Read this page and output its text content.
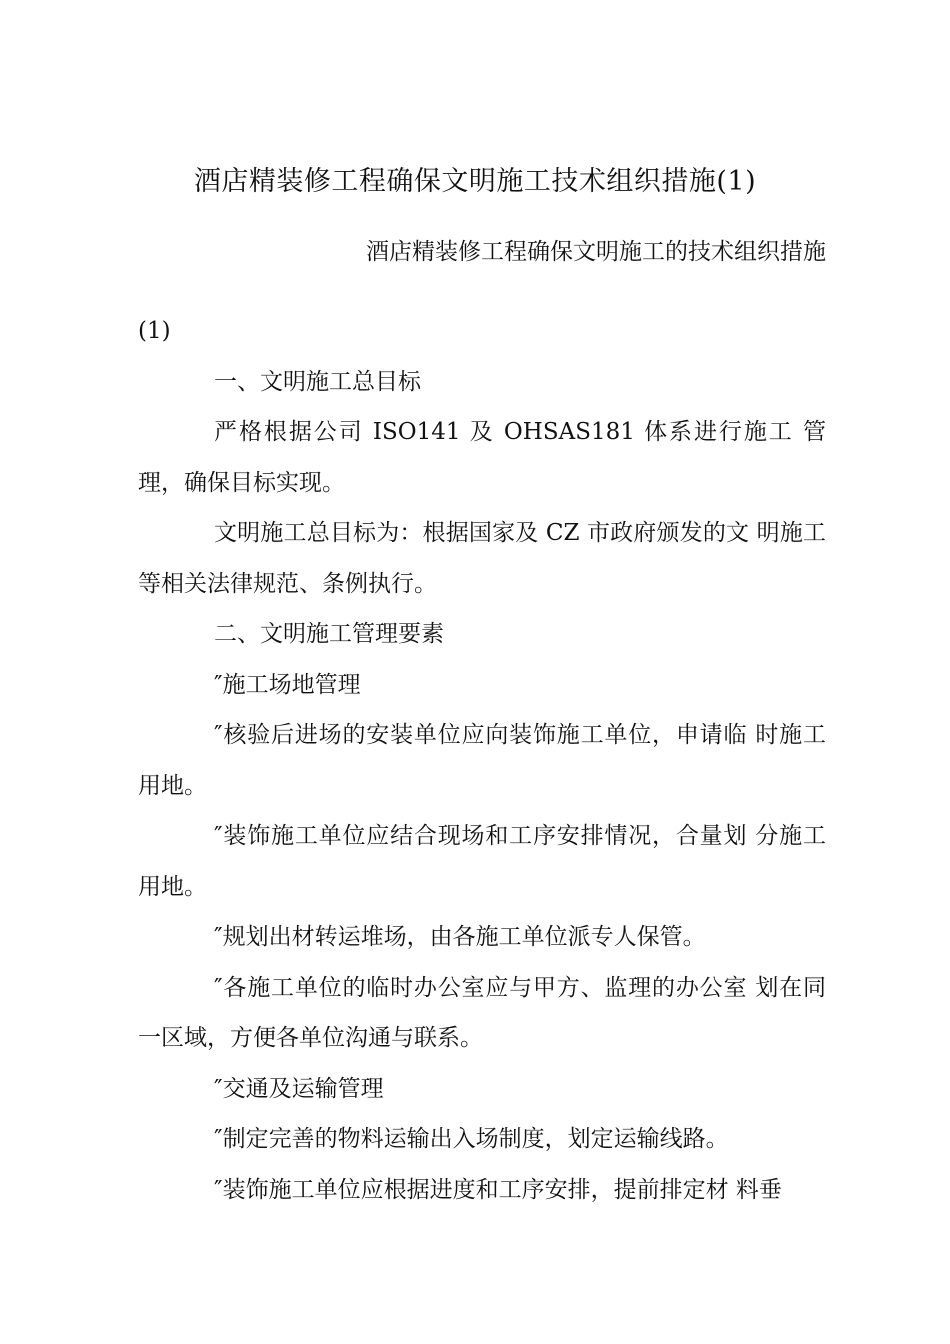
酒店精装修工程确保文明施工技术组织措施(1)
酒店精装修工程确保文明施工的技术组织措施

(1)

一、文明施工总目标

严格根据公司 ISO141 及 OHSAS181 体系进行施工 管理，确保目标实现。

文明施工总目标为：根据国家及 CZ 市政府颁发的文 明施工等相关法律规范、条例执行。

二、文明施工管理要素

″施工场地管理

″核验后进场的安装单位应向装饰施工单位，申请临 时施工用地。

″装饰施工单位应结合现场和工序安排情况，合量划 分施工用地。

″规划出材转运堆场，由各施工单位派专人保管。

″各施工单位的临时办公室应与甲方、监理的办公室 划在同一区域，方便各单位沟通与联系。

″交通及运输管理

″制定完善的物料运输出入场制度，划定运输线路。

″装饰施工单位应根据进度和工序安排，提前排定材 料垂
